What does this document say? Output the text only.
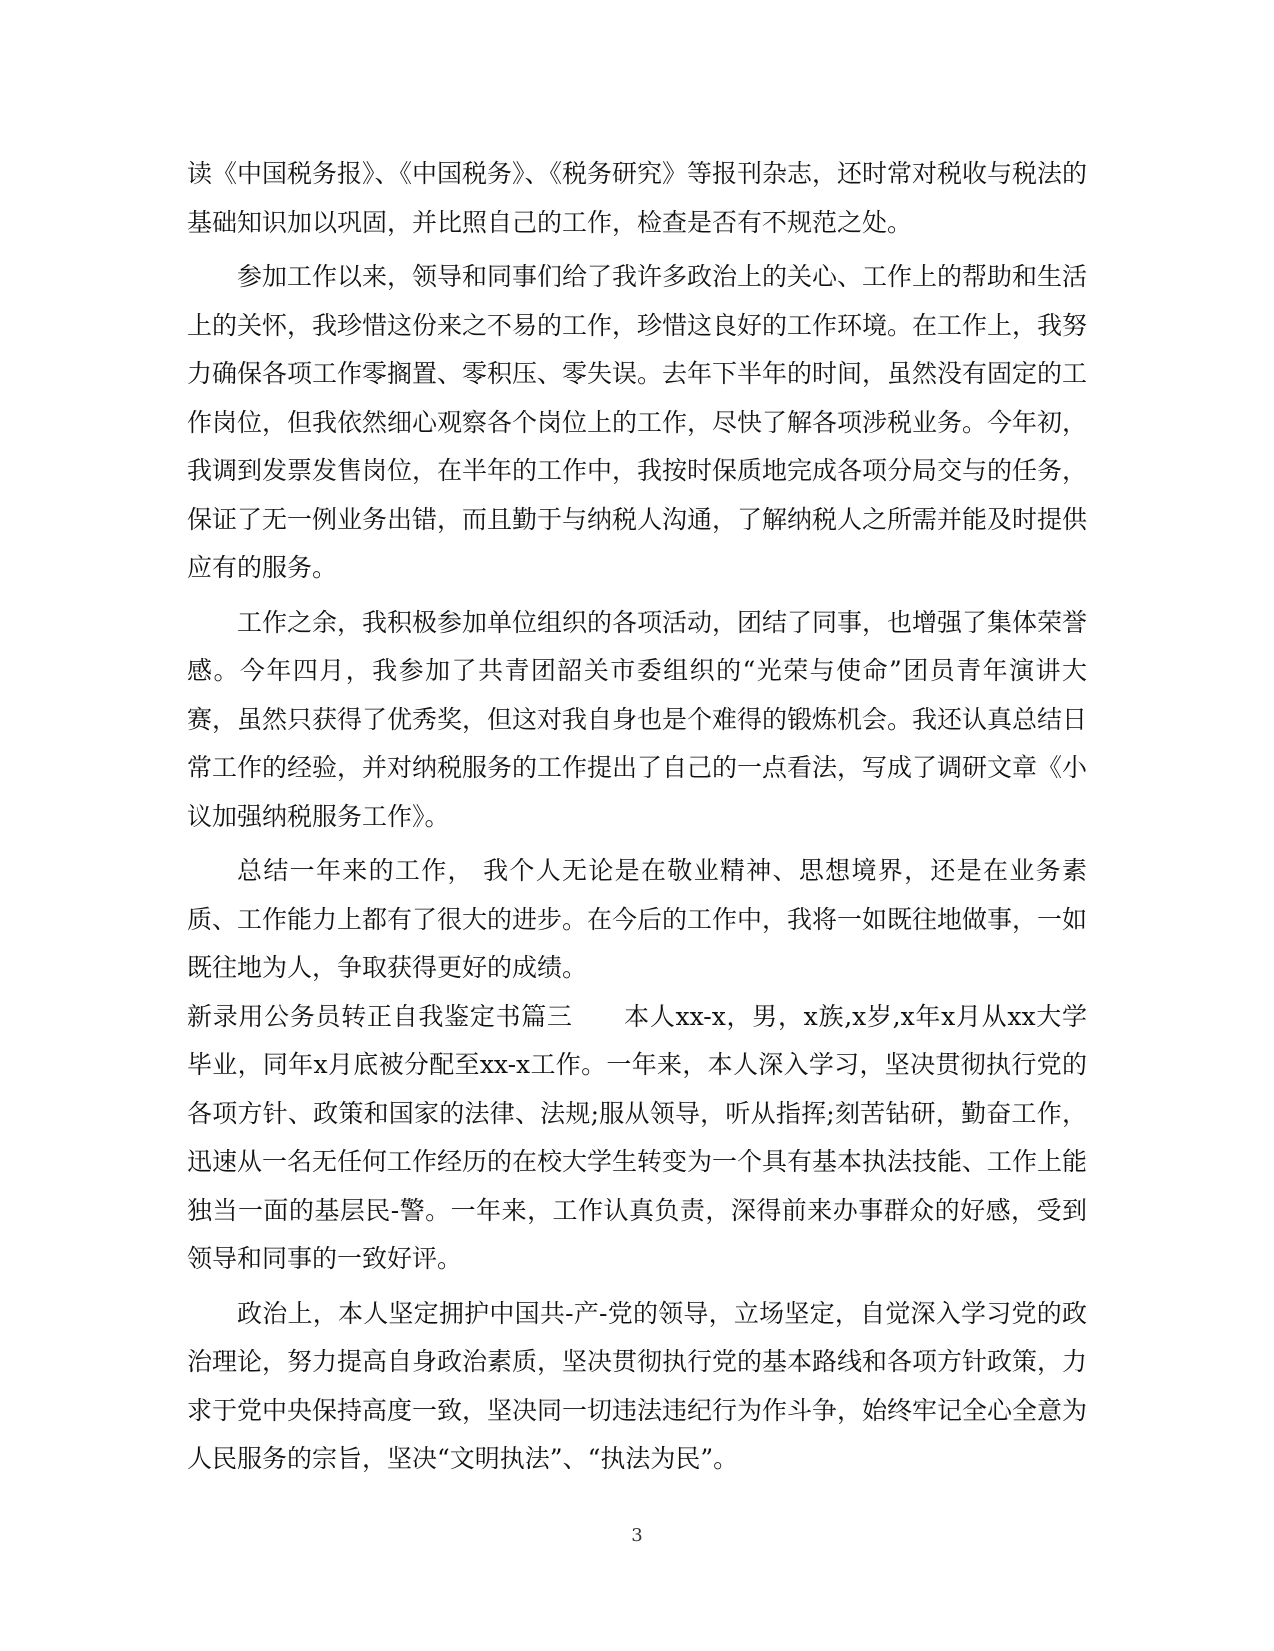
读《中国税务报》、《中国税务》、《税务研究》等报刊杂志，还时常对税收与税法的基础知识加以巩固，并比照自己的工作，检查是否有不规范之处。

参加工作以来，领导和同事们给了我许多政治上的关心、工作上的帮助和生活上的关怀，我珍惜这份来之不易的工作，珍惜这良好的工作环境。在工作上，我努力确保各项工作零搁置、零积压、零失误。去年下半年的时间，虽然没有固定的工作岗位，但我依然细心观察各个岗位上的工作，尽快了解各项涉税业务。今年初，我调到发票发售岗位，在半年的工作中，我按时保质地完成各项分局交与的任务，保证了无一例业务出错，而且勤于与纳税人沟通，了解纳税人之所需并能及时提供应有的服务。

工作之余，我积极参加单位组织的各项活动，团结了同事，也增强了集体荣誉感。今年四月，我参加了共青团韶关市委组织的“光荣与使命”团员青年演讲大赛，虽然只获得了优秀奖，但这对我自身也是个难得的锻炼机会。我还认真总结日常工作的经验，并对纳税服务的工作提出了自己的一点看法，写成了调研文章《小议加强纳税服务工作》。

总结一年来的工作， 我个人无论是在敬业精神、思想境界，还是在业务素质、工作能力上都有了很大的进步。在今后的工作中，我将一如既往地做事，一如既往地为人，争取获得更好的成绩。

新录用公务员转正自我鉴定书篇三　　本人xx-x，男，x族,x岁,x年x月从xx大学毕业，同年x月底被分配至xx-x工作。一年来，本人深入学习，坚决贯彻执行党的各项方针、政策和国家的法律、法规;服从领导，听从指挥;刻苦钻研，勤奋工作，迅速从一名无任何工作经历的在校大学生转变为一个具有基本执法技能、工作上能独当一面的基层民-警。一年来，工作认真负责，深得前来办事群众的好感，受到领导和同事的一致好评。

政治上，本人坚定拥护中国共-产-党的领导，立场坚定，自觉深入学习党的政治理论，努力提高自身政治素质，坚决贯彻执行党的基本路线和各项方针政策，力求于党中央保持高度一致，坚决同一切违法违纪行为作斗争，始终牢记全心全意为人民服务的宗旨，坚决“文明执法”、“执法为民”。

3
